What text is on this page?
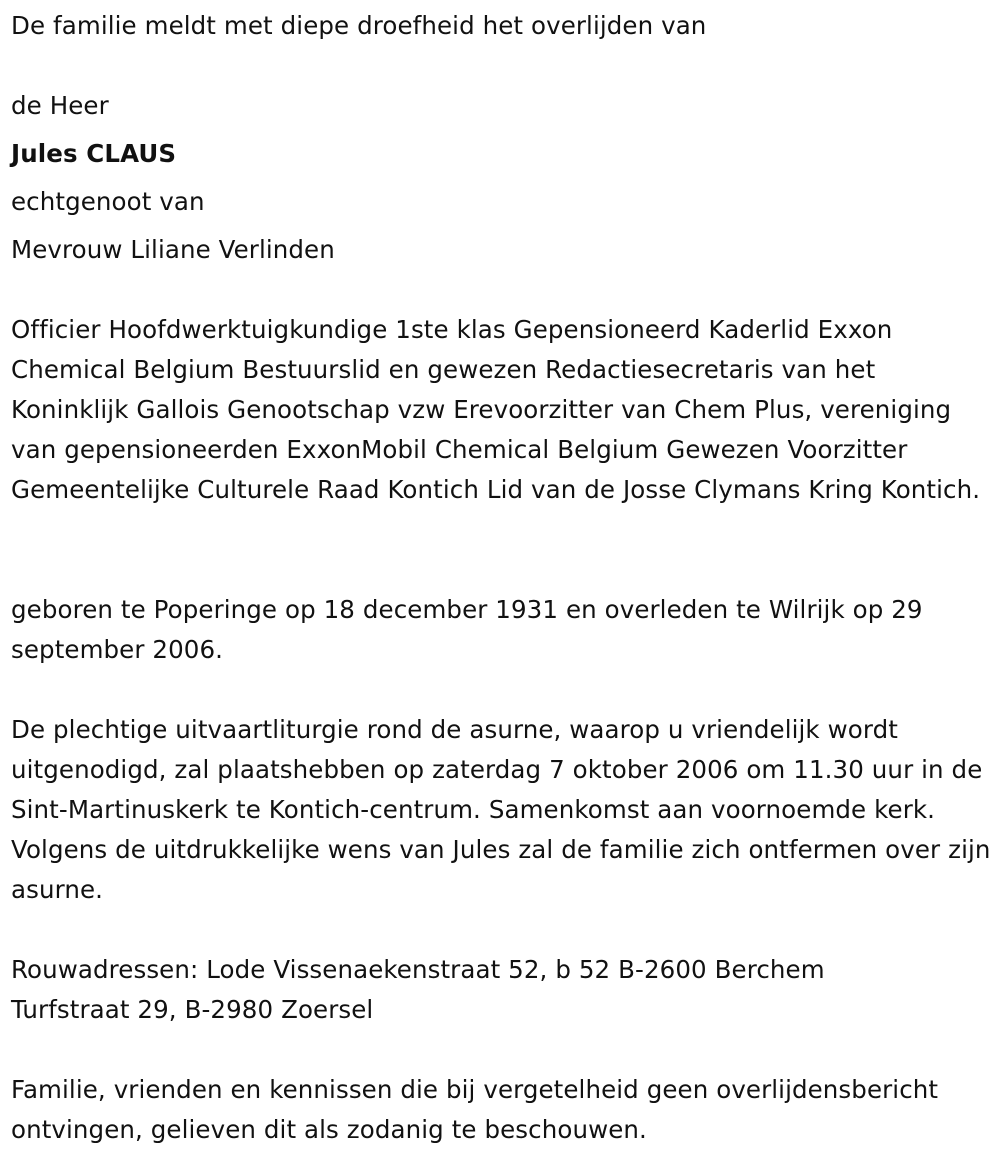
De familie meldt met diepe droefheid het overlijden van
de Heer
Jules CLAUS
echtgenoot van
Mevrouw Liliane Verlinden
Officier Hoofdwerktuigkundige 1ste klas Gepensioneerd Kaderlid Exxon Chemical Belgium Bestuurslid en gewezen Redactiesecretaris van het Koninklijk Gallois Genootschap vzw Erevoorzitter van Chem Plus, vereniging van gepensioneerden ExxonMobil Chemical Belgium Gewezen Voorzitter Gemeentelijke Culturele Raad Kontich Lid van de Josse Clymans Kring Kontich.
geboren te Poperinge op 18 december 1931 en overleden te Wilrijk op 29 september 2006.
De plechtige uitvaartliturgie rond de asurne, waarop u vriendelijk wordt uitgenodigd, zal plaatshebben op zaterdag 7 oktober 2006 om 11.30 uur in de Sint-Martinuskerk te Kontich-centrum. Samenkomst aan voornoemde kerk. Volgens de uitdrukkelijke wens van Jules zal de familie zich ontfermen over zijn asurne.
Rouwadressen: Lode Vissenaekenstraat 52, b 52 B-2600 Berchem
Turfstraat 29, B-2980 Zoersel
Familie, vrienden en kennissen die bij vergetelheid geen overlijdensbericht ontvingen, gelieven dit als zodanig te beschouwen.
